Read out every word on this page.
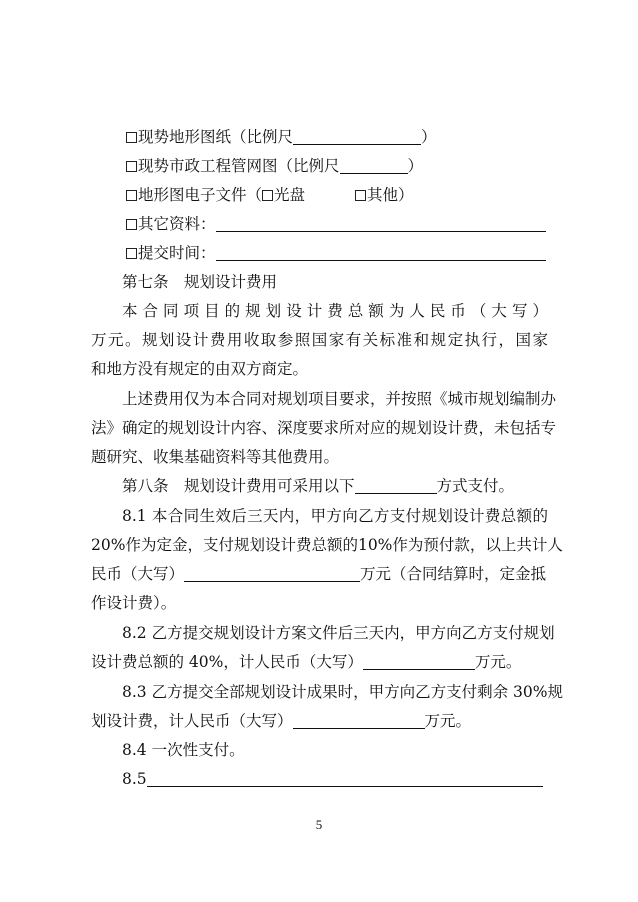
现势地形图纸（比例尺	）
现势市政工程管网图（比例尺	）
地形图电子文件（ 光盘	其他）
其它资料：
提交时间：
第七条　规划设计费用
本合同项目的规划设计费总额为人民币（大写）
万元。规划设计费用收取参照国家有关标准和规定执行，国家
和地方没有规定的由双方商定。
上述费用仅为本合同对规划项目要求，并按照《城市规划编制办
法》确定的规划设计内容、深度要求所对应的规划设计费，未包括专
题研究、收集基础资料等其他费用。
第八条　规划设计费用可采用以下	方式支付。
8.1 本合同生效后三天内，甲方向乙方支付规划设计费总额的
20%作为定金，支付规划设计费总额的10%作为预付款，以上共计人
民币（大写）	万元（合同结算时，定金抵
作设计费）。
8.2 乙方提交规划设计方案文件后三天内，甲方向乙方支付规划
设计费总额的 40%，计人民币（大写）	万元。
8.3 乙方提交全部规划设计成果时，甲方向乙方支付剩余 30%规
划设计费，计人民币（大写）	万元。
8.4 一次性支付。
8.5
5
